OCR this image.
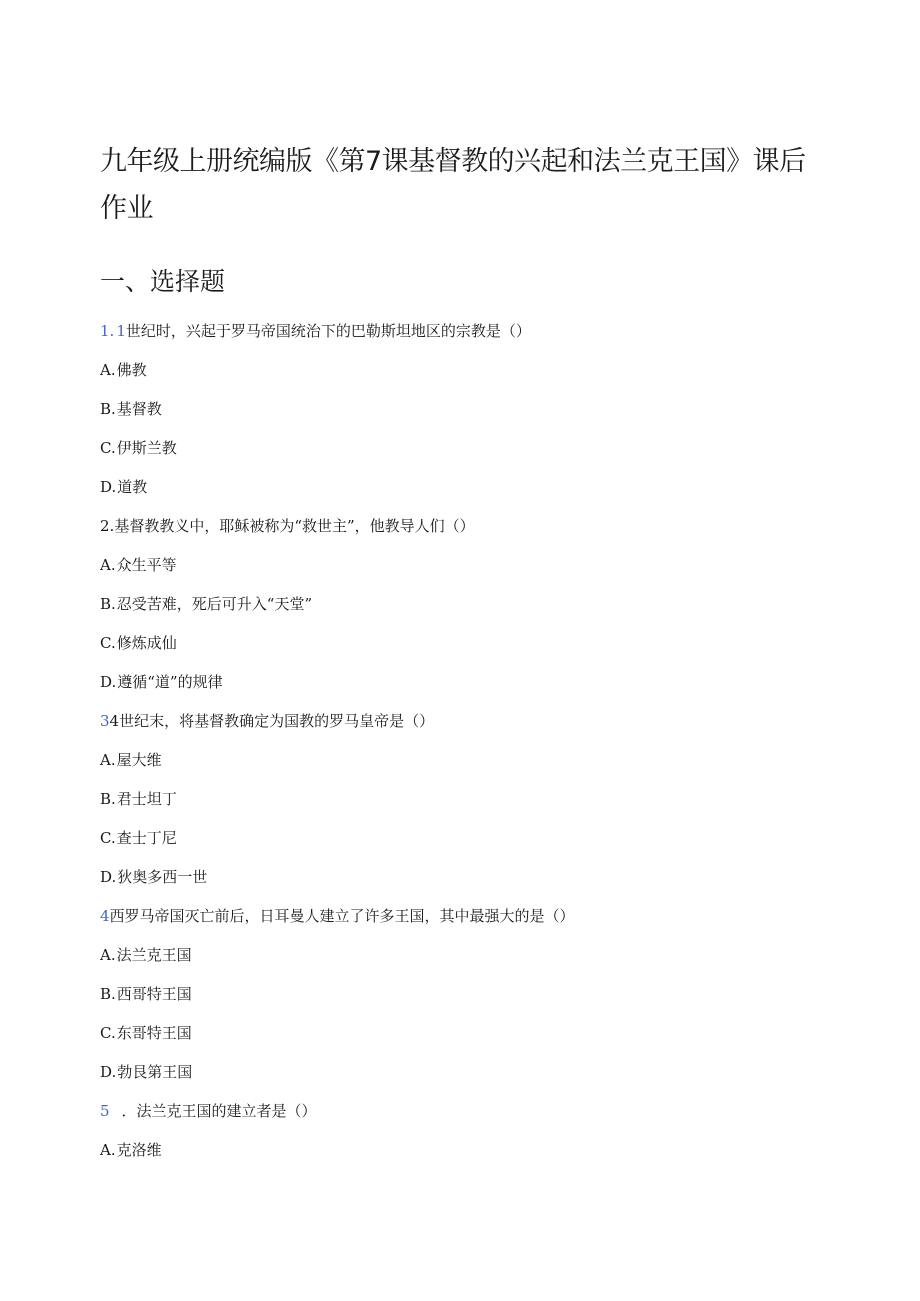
九年级上册统编版《第7课基督教的兴起和法兰克王国》课后作业
一、选择题
1. 1世纪时，兴起于罗马帝国统治下的巴勒斯坦地区的宗教是（）
A.佛教
B.基督教
C.伊斯兰教
D.道教
2.基督教教义中，耶稣被称为“救世主”，他教导人们（）
A.众生平等
B.忍受苦难，死后可升入“天堂”
C.修炼成仙
D.遵循“道”的规律
34世纪末，将基督教确定为国教的罗马皇帝是（）
A.屋大维
B.君士坦丁
C.查士丁尼
D.狄奥多西一世
4西罗马帝国灭亡前后，日耳曼人建立了许多王国，其中最强大的是（）
A.法兰克王国
B.西哥特王国
C.东哥特王国
D.勃艮第王国
5 ．法兰克王国的建立者是（）
A.克洛维
